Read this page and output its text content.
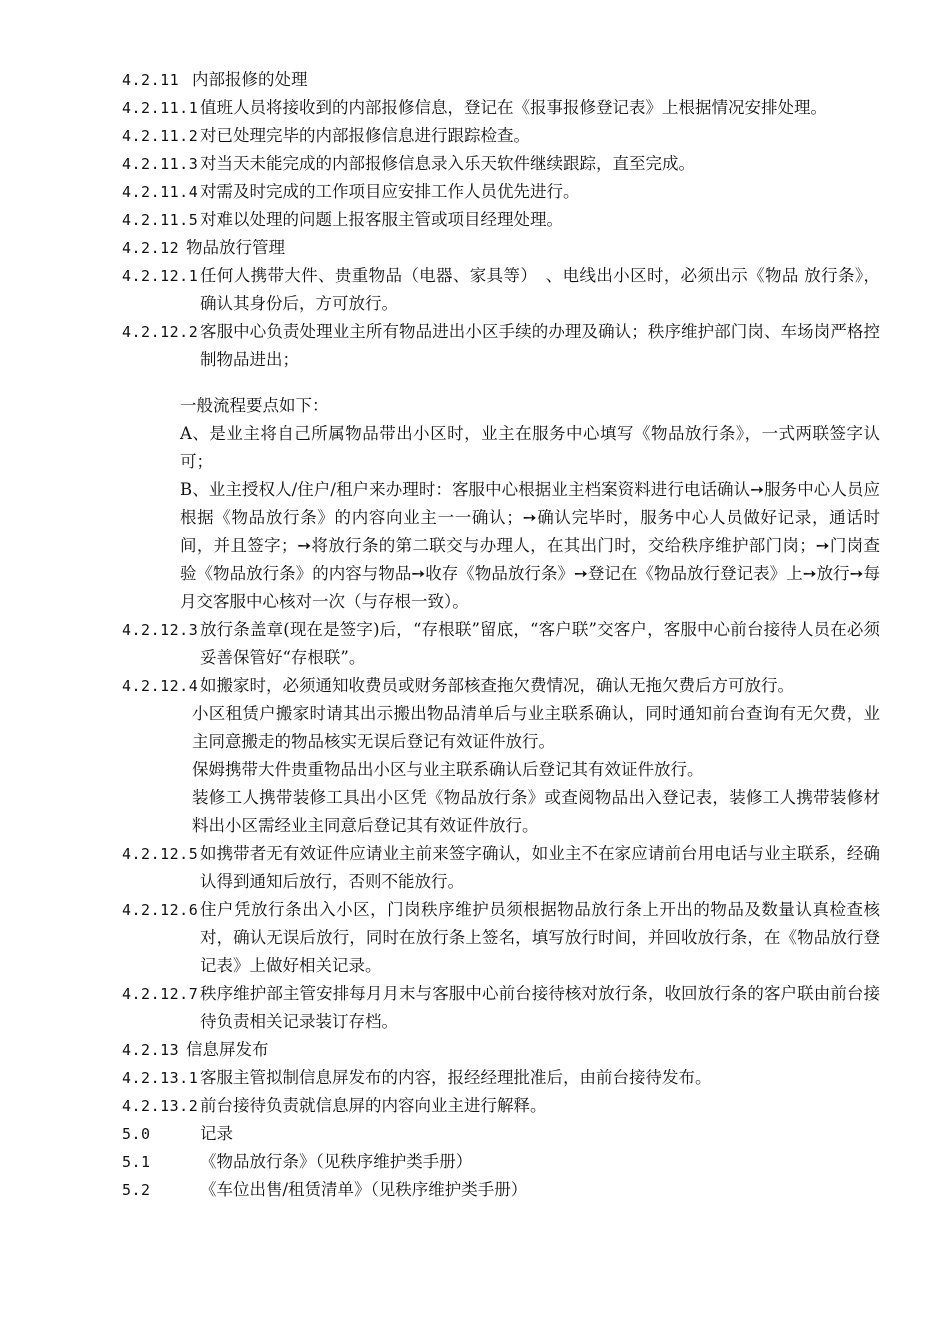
4.2.11 内部报修的处理
4.2.11.1 值班人员将接收到的内部报修信息，登记在《报事报修登记表》上根据情况安排处理。
4.2.11.2 对已处理完毕的内部报修信息进行跟踪检查。
4.2.11.3 对当天未能完成的内部报修信息录入乐天软件继续跟踪，直至完成。
4.2.11.4 对需及时完成的工作项目应安排工作人员优先进行。
4.2.11.5 对难以处理的问题上报客服主管或项目经理处理。
4.2.12 物品放行管理
4.2.12.1 任何人携带大件、贵重物品（电器、家具等）　、电线出小区时，必须出示《物品 放行条》，确认其身份后，方可放行。
4.2.12.2 客服中心负责处理业主所有物品进出小区手续的办理及确认；秩序维护部门岗、车场岗严格控制物品进出；
一般流程要点如下：
A、是业主将自己所属物品带出小区时，业主在服务中心填写《物品放行条》，一式两联签字认可；
B、业主授权人/住户/租户来办理时：客服中心根据业主档案资料进行电话确认➙服务中心人员应根据《物品放行条》的内容向业主一一确认；➙确认完毕时，服务中心人员做好记录，通话时间，并且签字；➙将放行条的第二联交与办理人，在其出门时，交给秩序维护部门岗；➙门岗查验《物品放行条》的内容与物品➙收存《物品放行条》➙登记在《物品放行登记表》上➙放行➙每月交客服中心核对一次（与存根一致）。
4.2.12.3 放行条盖章(现在是签字)后，“存根联”留底，“客户联”交客户，客服中心前台接待人员在必须妥善保管好“存根联”。
4.2.12.4 如搬家时，必须通知收费员或财务部核查拖欠费情况，确认无拖欠费后方可放行。
小区租赁户搬家时请其出示搬出物品清单后与业主联系确认，同时通知前台查询有无欠费，业主同意搬走的物品核实无误后登记有效证件放行。
保姆携带大件贵重物品出小区与业主联系确认后登记其有效证件放行。
装修工人携带装修工具出小区凭《物品放行条》或查阅物品出入登记表，装修工人携带装修材料出小区需经业主同意后登记其有效证件放行。
4.2.12.5 如携带者无有效证件应请业主前来签字确认，如业主不在家应请前台用电话与业主联系，经确认得到通知后放行，否则不能放行。
4.2.12.6 住户凭放行条出入小区，门岗秩序维护员须根据物品放行条上开出的物品及数量认真检查核对，确认无误后放行，同时在放行条上签名，填写放行时间，并回收放行条，在《物品放行登记表》上做好相关记录。
4.2.12.7 秩序维护部主管安排每月月末与客服中心前台接待核对放行条，收回放行条的客户联由前台接待负责相关记录装订存档。
4.2.13 信息屏发布
4.2.13.1 客服主管拟制信息屏发布的内容，报经经理批准后，由前台接待发布。
4.2.13.2 前台接待负责就信息屏的内容向业主进行解释。
5.0	记录
5.1	《物品放行条》（见秩序维护类手册）
5.2	《车位出售/租赁清单》（见秩序维护类手册）
